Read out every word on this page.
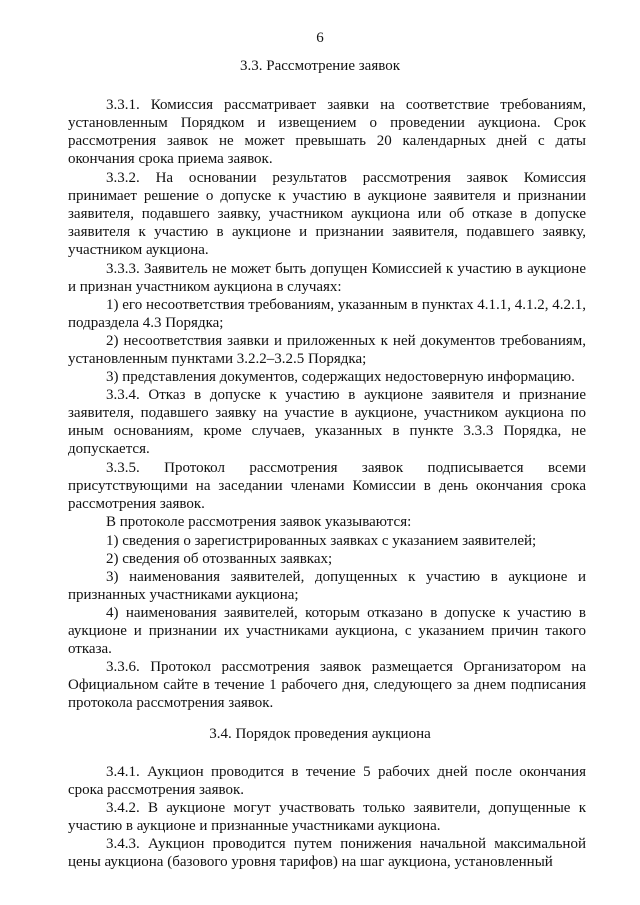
6
3.3. Рассмотрение заявок
3.3.1. Комиссия рассматривает заявки на соответствие требованиям, установленным Порядком и извещением о проведении аукциона. Срок рассмотрения заявок не может превышать 20 календарных дней с даты окончания срока приема заявок.
3.3.2. На основании результатов рассмотрения заявок Комиссия принимает решение о допуске к участию в аукционе заявителя и признании заявителя, подавшего заявку, участником аукциона или об отказе в допуске заявителя к участию в аукционе и признании заявителя, подавшего заявку, участником аукциона.
3.3.3. Заявитель не может быть допущен Комиссией к участию в аукционе и признан участником аукциона в случаях:
1) его несоответствия требованиям, указанным в пунктах 4.1.1, 4.1.2, 4.2.1, подраздела 4.3 Порядка;
2) несоответствия заявки и приложенных к ней документов требованиям, установленным пунктами 3.2.2–3.2.5 Порядка;
3) представления документов, содержащих недостоверную информацию.
3.3.4. Отказ в допуске к участию в аукционе заявителя и признание заявителя, подавшего заявку на участие в аукционе, участником аукциона по иным основаниям, кроме случаев, указанных в пункте 3.3.3 Порядка, не допускается.
3.3.5. Протокол рассмотрения заявок подписывается всеми присутствующими на заседании членами Комиссии в день окончания срока рассмотрения заявок.
В протоколе рассмотрения заявок указываются:
1) сведения о зарегистрированных заявках с указанием заявителей;
2) сведения об отозванных заявках;
3) наименования заявителей, допущенных к участию в аукционе и признанных участниками аукциона;
4) наименования заявителей, которым отказано в допуске к участию в аукционе и признании их участниками аукциона, с указанием причин такого отказа.
3.3.6. Протокол рассмотрения заявок размещается Организатором на Официальном сайте в течение 1 рабочего дня, следующего за днем подписания протокола рассмотрения заявок.
3.4. Порядок проведения аукциона
3.4.1. Аукцион проводится в течение 5 рабочих дней после окончания срока рассмотрения заявок.
3.4.2. В аукционе могут участвовать только заявители, допущенные к участию в аукционе и признанные участниками аукциона.
3.4.3. Аукцион проводится путем понижения начальной максимальной цены аукциона (базового уровня тарифов) на шаг аукциона, установленный
